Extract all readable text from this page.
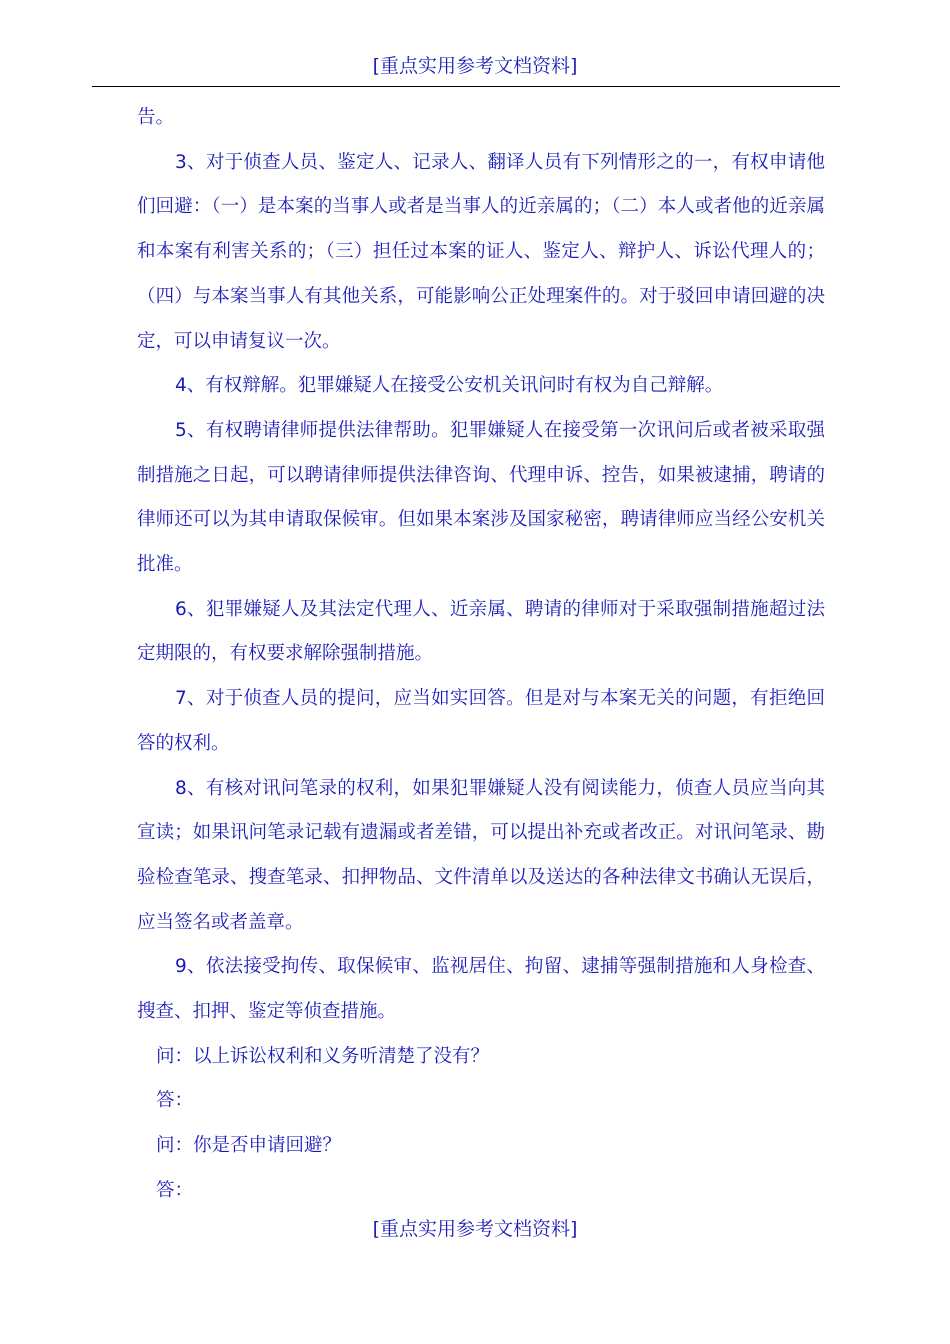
[重点实用参考文档资料]

告。

3、对于侦查人员、鉴定人、记录人、翻译人员有下列情形之的一，有权申请他们回避：（一）是本案的当事人或者是当事人的近亲属的；（二）本人或者他的近亲属和本案有利害关系的；（三）担任过本案的证人、鉴定人、辩护人、诉讼代理人的；（四）与本案当事人有其他关系，可能影响公正处理案件的。对于驳回申请回避的决定，可以申请复议一次。

4、有权辩解。犯罪嫌疑人在接受公安机关讯问时有权为自己辩解。

5、有权聘请律师提供法律帮助。犯罪嫌疑人在接受第一次讯问后或者被采取强制措施之日起，可以聘请律师提供法律咨询、代理申诉、控告，如果被逮捕，聘请的律师还可以为其申请取保候审。但如果本案涉及国家秘密，聘请律师应当经公安机关批准。

6、犯罪嫌疑人及其法定代理人、近亲属、聘请的律师对于采取强制措施超过法定期限的，有权要求解除强制措施。

7、对于侦查人员的提问，应当如实回答。但是对与本案无关的问题，有拒绝回答的权利。

8、有核对讯问笔录的权利，如果犯罪嫌疑人没有阅读能力，侦查人员应当向其宣读；如果讯问笔录记载有遗漏或者差错，可以提出补充或者改正。对讯问笔录、勘验检查笔录、搜查笔录、扣押物品、文件清单以及送达的各种法律文书确认无误后，应当签名或者盖章。

9、依法接受拘传、取保候审、监视居住、拘留、逮捕等强制措施和人身检查、搜查、扣押、鉴定等侦查措施。

问：以上诉讼权利和义务听清楚了没有？

答：

问：你是否申请回避？

答：

[重点实用参考文档资料]
